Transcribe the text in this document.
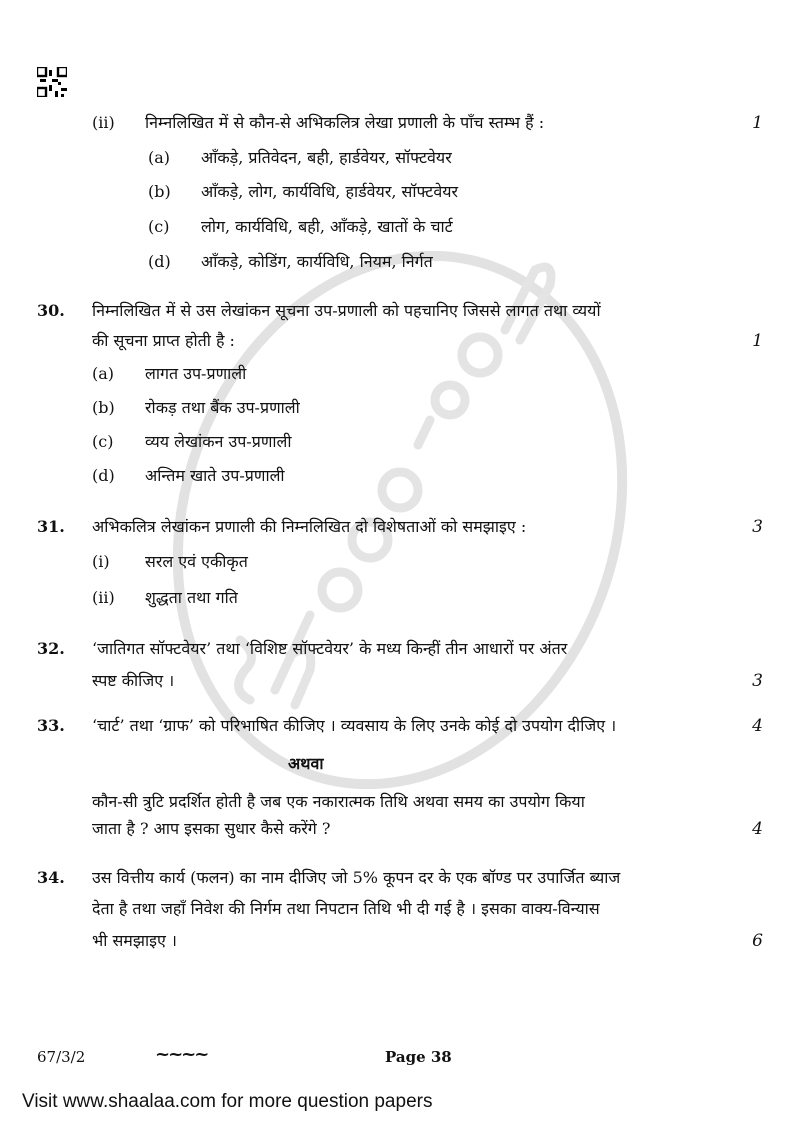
(ii)	निम्नलिखित में से कौन-से अभिकलित्र लेखा प्रणाली के पाँच स्तम्भ हैं :	1
(a)	आँकड़े, प्रतिवेदन, बही, हार्डवेयर, सॉफ्टवेयर
(b)	आँकड़े, लोग, कार्यविधि, हार्डवेयर, सॉफ्टवेयर
(c)	लोग, कार्यविधि, बही, आँकड़े, खातों के चार्ट
(d)	आँकड़े, कोडिंग, कार्यविधि, नियम, निर्गत
30.	निम्नलिखित में से उस लेखांकन सूचना उप-प्रणाली को पहचानिए जिससे लागत तथा व्ययों
की सूचना प्राप्त होती है :	1
(a)	लागत उप-प्रणाली
(b)	रोकड़ तथा बैंक उप-प्रणाली
(c)	व्यय लेखांकन उप-प्रणाली
(d)	अन्तिम खाते उप-प्रणाली
31.	अभिकलित्र लेखांकन प्रणाली की निम्नलिखित दो विशेषताओं को समझाइए :	3
(i)	सरल एवं एकीकृत
(ii)	शुद्धता तथा गति
32.	‘जातिगत सॉफ्टवेयर’ तथा ‘विशिष्ट सॉफ्टवेयर’ के मध्य किन्हीं तीन आधारों पर अंतर
स्पष्ट कीजिए ।	3
33.	‘चार्ट’ तथा ‘ग्राफ’ को परिभाषित कीजिए । व्यवसाय के लिए उनके कोई दो उपयोग दीजिए ।	4
अथवा
कौन-सी त्रुटि प्रदर्शित होती है जब एक नकारात्मक तिथि अथवा समय का उपयोग किया
जाता है ? आप इसका सुधार कैसे करेंगे ?	4
34.	उस वित्तीय कार्य (फलन) का नाम दीजिए जो 5% कूपन दर के एक बॉण्ड पर उपार्जित ब्याज
देता है तथा जहाँ निवेश की निर्गम तथा निपटान तिथि भी दी गई है । इसका वाक्य-विन्यास
भी समझाइए ।	6
67/3/2	~~~~	Page 38
Visit www.shaalaa.com for more question papers
